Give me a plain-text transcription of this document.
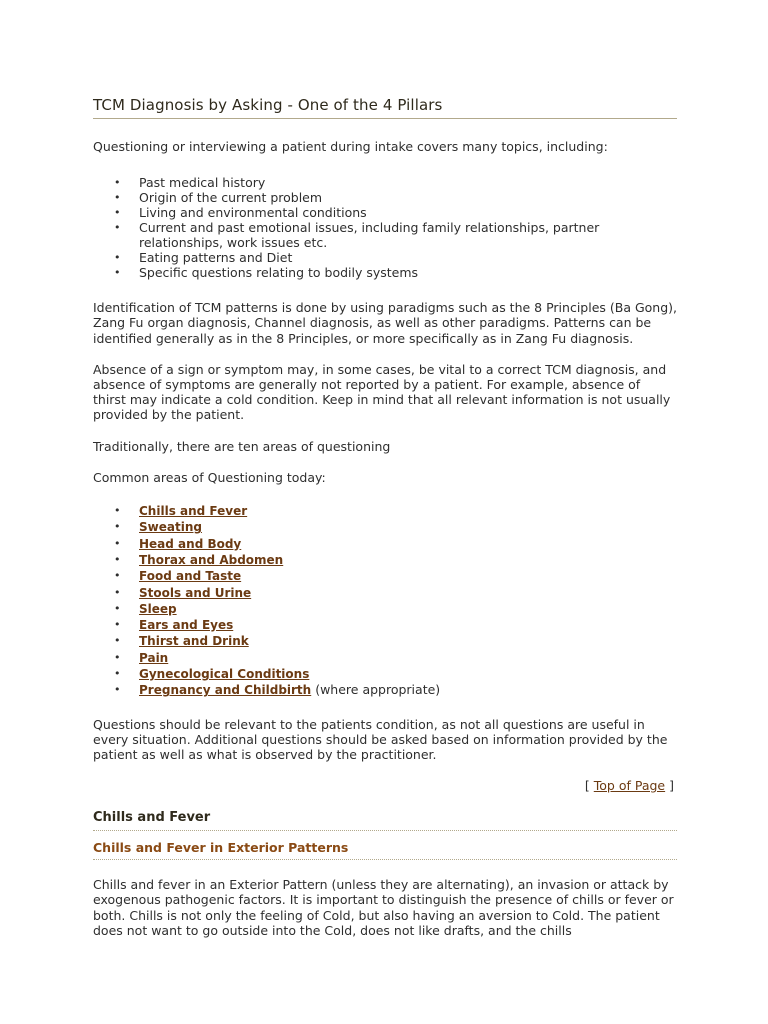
TCM Diagnosis by Asking - One of the 4 Pillars

Questioning or interviewing a patient during intake covers many topics, including:

• Past medical history
• Origin of the current problem
• Living and environmental conditions
• Current and past emotional issues, including family relationships, partner relationships, work issues etc.
• Eating patterns and Diet
• Specific questions relating to bodily systems

Identification of TCM patterns is done by using paradigms such as the 8 Principles (Ba Gong), Zang Fu organ diagnosis, Channel diagnosis, as well as other paradigms. Patterns can be identified generally as in the 8 Principles, or more specifically as in Zang Fu diagnosis.

Absence of a sign or symptom may, in some cases, be vital to a correct TCM diagnosis, and absence of symptoms are generally not reported by a patient. For example, absence of thirst may indicate a cold condition. Keep in mind that all relevant information is not usually provided by the patient.

Traditionally, there are ten areas of questioning

Common areas of Questioning today:

• Chills and Fever
• Sweating
• Head and Body
• Thorax and Abdomen
• Food and Taste
• Stools and Urine
• Sleep
• Ears and Eyes
• Thirst and Drink
• Pain
• Gynecological Conditions
• Pregnancy and Childbirth (where appropriate)

Questions should be relevant to the patients condition, as not all questions are useful in every situation. Additional questions should be asked based on information provided by the patient as well as what is observed by the practitioner.

[ Top of Page ]
Chills and Fever
Chills and Fever in Exterior Patterns

Chills and fever in an Exterior Pattern (unless they are alternating), an invasion or attack by exogenous pathogenic factors. It is important to distinguish the presence of chills or fever or both. Chills is not only the feeling of Cold, but also having an aversion to Cold. The patient does not want to go outside into the Cold, does not like drafts, and the chills
